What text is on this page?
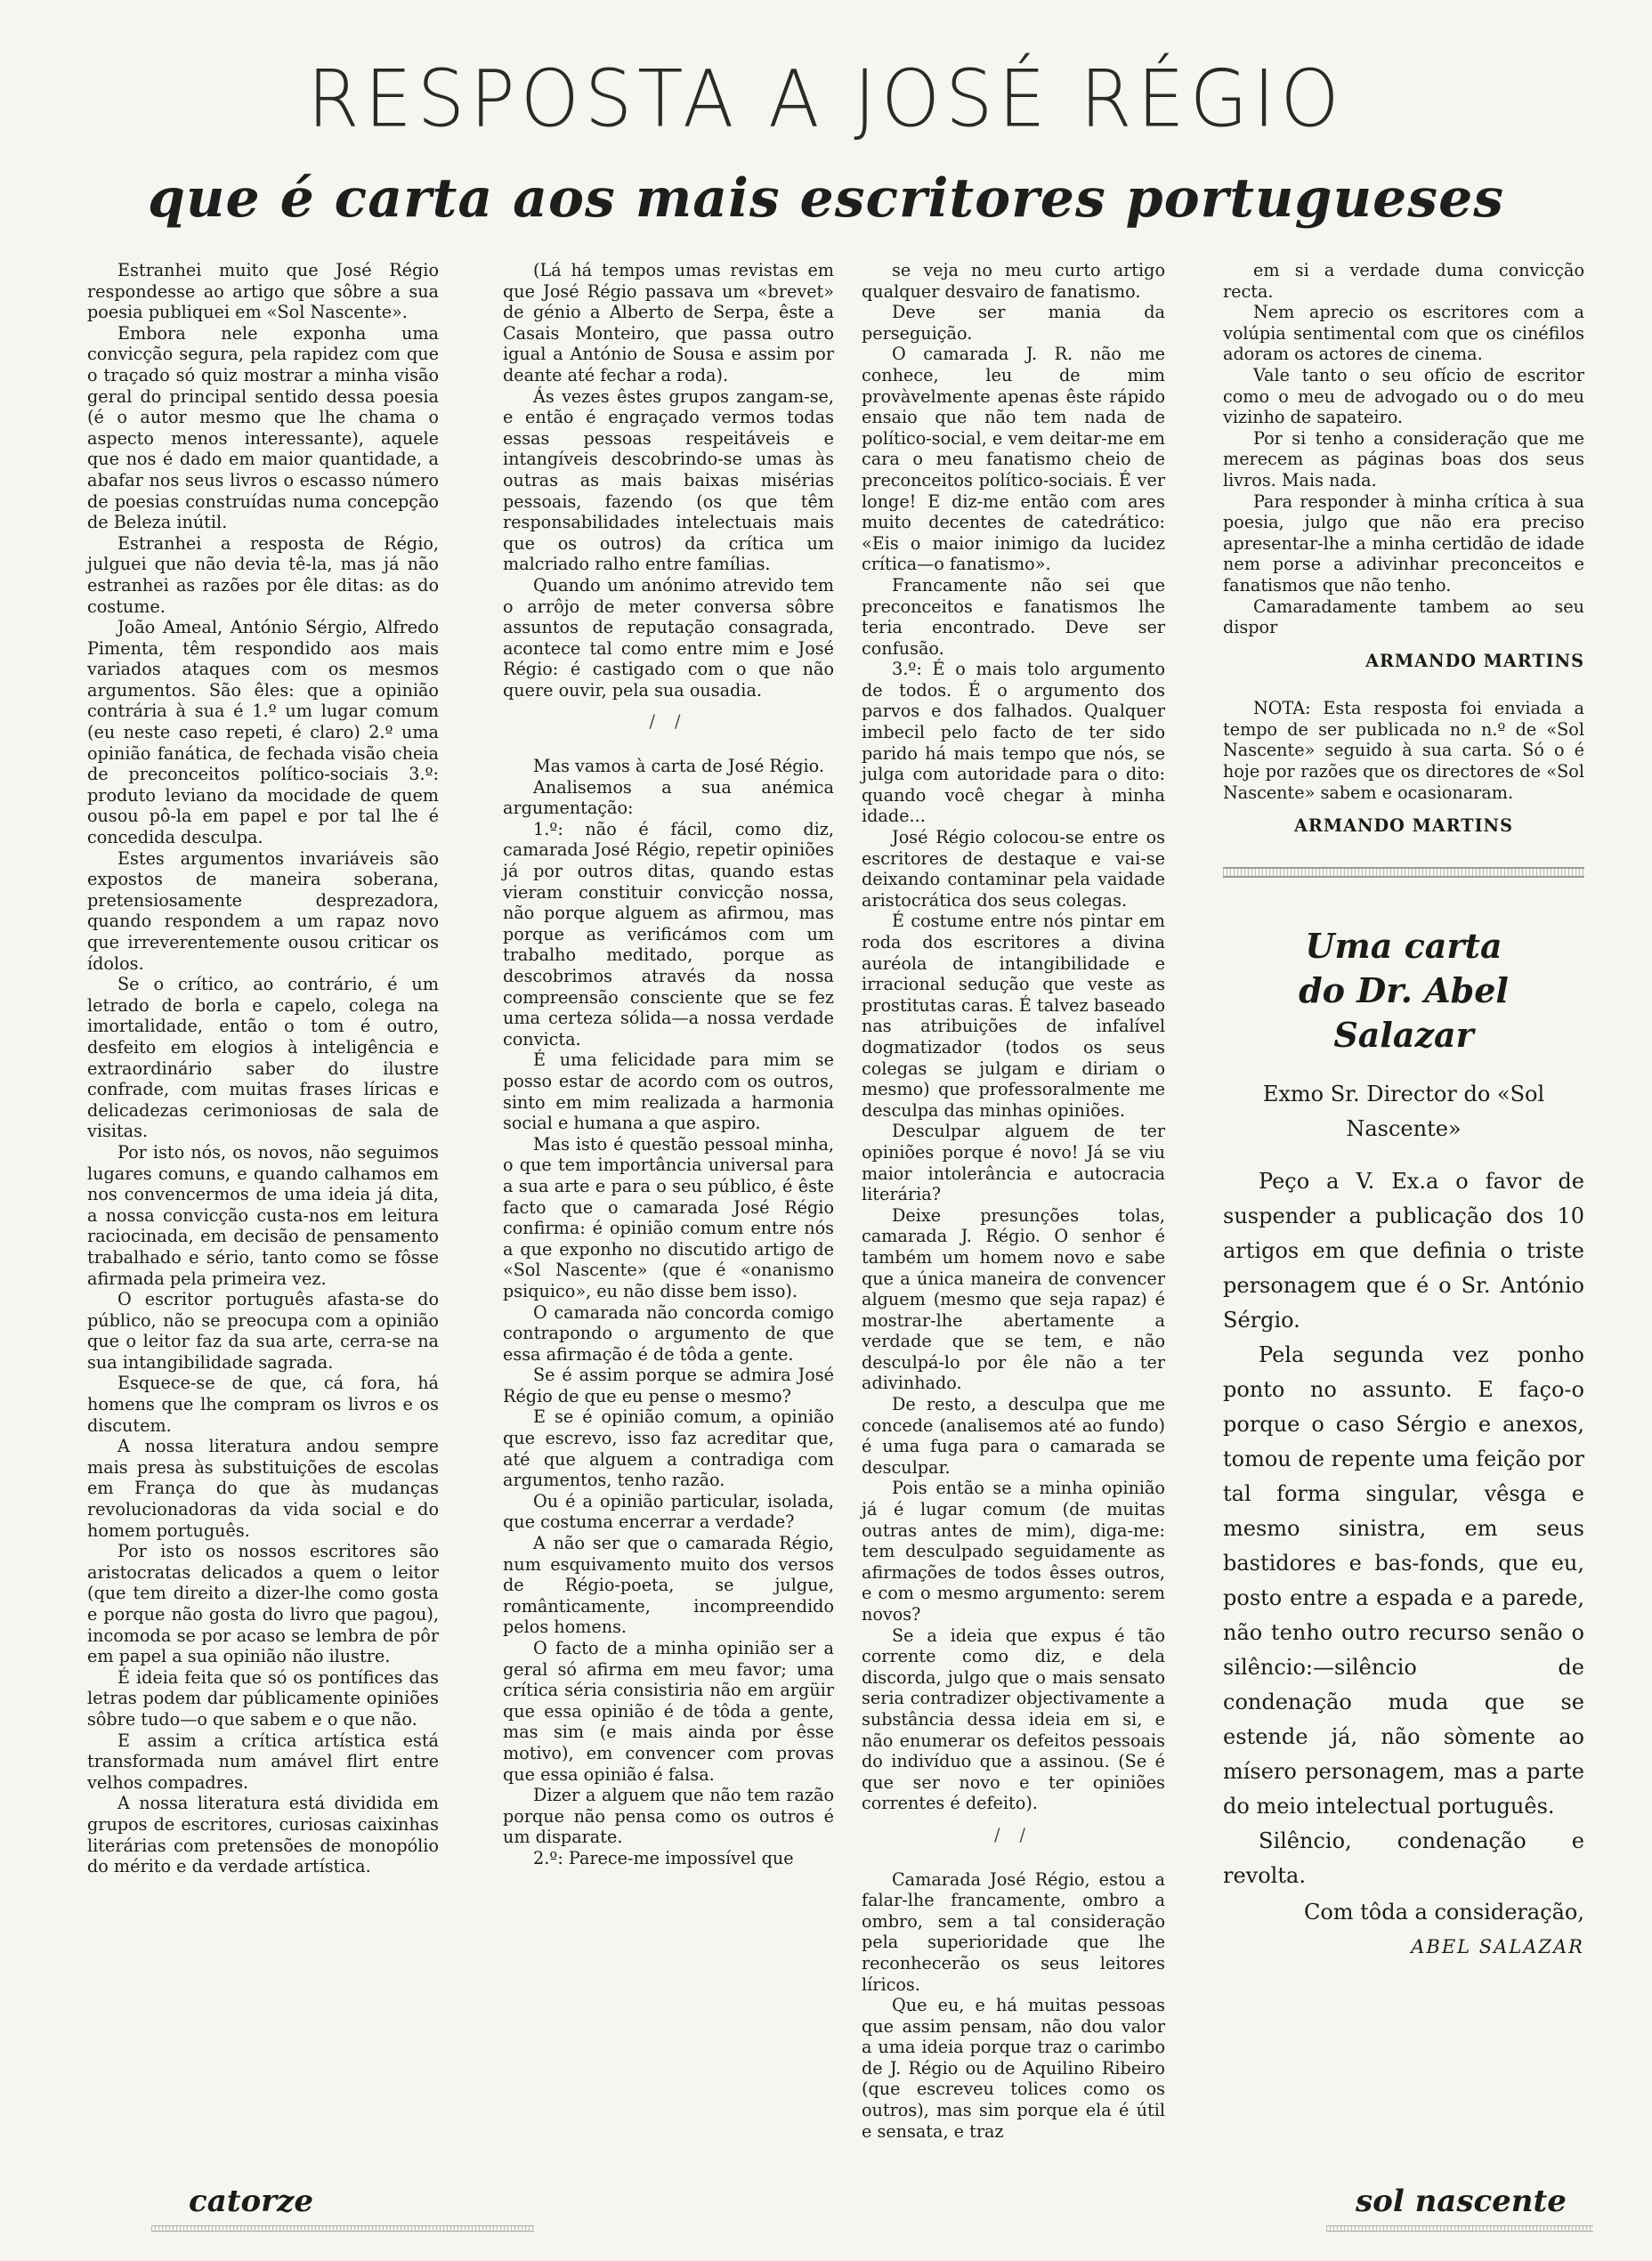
RESPOSTA A JOSÉ RÉGIO
que é carta aos mais escritores portugueses

Estranhei muito que José Régio respondesse ao artigo que sôbre a sua poesia publiquei em «Sol Nascente».

Embora nele exponha uma convicção segura, pela rapidez com que o traçado só quiz mostrar a minha visão geral do principal sentido dessa poesia (é o autor mesmo que lhe chama o aspecto menos interessante), aquele que nos é dado em maior quantidade, a abafar nos seus livros o escasso número de poesias construídas numa concepção de Beleza inútil.

Estranhei a resposta de Régio, julguei que não devia tê-la, mas já não estranhei as razões por êle ditas: as do costume.

João Ameal, António Sérgio, Alfredo Pimenta, têm respondido aos mais variados ataques com os mesmos argumentos. São êles: que a opinião contrária à sua é 1.º um lugar comum (eu neste caso repeti, é claro) 2.º uma opinião fanática, de fechada visão cheia de preconceitos político-sociais 3.º: produto leviano da mocidade de quem ousou pô-la em papel e por tal lhe é concedida desculpa.

Estes argumentos invariáveis são expostos de maneira soberana, pretensiosamente desprezadora, quando respondem a um rapaz novo que irreverentemente ousou criticar os ídolos.

Se o crítico, ao contrário, é um letrado de borla e capelo, colega na imortalidade, então o tom é outro, desfeito em elogios à inteligência e extraordinário saber do ilustre confrade, com muitas frases líricas e delicadezas cerimoniosas de sala de visitas.

Por isto nós, os novos, não seguimos lugares comuns, e quando calhamos em nos convencermos de uma ideia já dita, a nossa convicção custa-nos em leitura raciocinada, em decisão de pensamento trabalhado e sério, tanto como se fôsse afirmada pela primeira vez.

O escritor português afasta-se do público, não se preocupa com a opinião que o leitor faz da sua arte, cerra-se na sua intangibilidade sagrada.

Esquece-se de que, cá fora, há homens que lhe compram os livros e os discutem.

A nossa literatura andou sempre mais presa às substituições de escolas em França do que às mudanças revolucionadoras da vida social e do homem português.

Por isto os nossos escritores são aristocratas delicados a quem o leitor (que tem direito a dizer-lhe como gosta e porque não gosta do livro que pagou), incomoda se por acaso se lembra de pôr em papel a sua opinião não ilustre.

É ideia feita que só os pontífices das letras podem dar públicamente opiniões sôbre tudo—o que sabem e o que não.

E assim a crítica artística está transformada num amável flirt entre velhos compadres.

A nossa literatura está dividida em grupos de escritores, curiosas caixinhas literárias com pretensões de monopólio do mérito e da verdade artística.

(Lá há tempos umas revistas em que José Régio passava um «brevet» de génio a Alberto de Serpa, êste a Casais Monteiro, que passa outro igual a António de Sousa e assim por deante até fechar a roda).

Ás vezes êstes grupos zangam-se, e então é engraçado vermos todas essas pessoas respeitáveis e intangíveis descobrindo-se umas às outras as mais baixas misérias pessoais, fazendo (os que têm responsabilidades intelectuais mais que os outros) da crítica um malcriado ralho entre famílias.

Quando um anónimo atrevido tem o arrôjo de meter conversa sôbre assuntos de reputação consagrada, acontece tal como entre mim e José Régio: é castigado com o que não quere ouvir, pela sua ousadia.

/ /

Mas vamos à carta de José Régio.

Analisemos a sua anémica argumentação:

1.º: não é fácil, como diz, camarada José Régio, repetir opiniões já por outros ditas, quando estas vieram constituir convicção nossa, não porque alguem as afirmou, mas porque as verificámos com um trabalho meditado, porque as descobrimos através da nossa compreensão consciente que se fez uma certeza sólida—a nossa verdade convicta.

É uma felicidade para mim se posso estar de acordo com os outros, sinto em mim realizada a harmonia social e humana a que aspiro.

Mas isto é questão pessoal minha, o que tem importância universal para a sua arte e para o seu público, é êste facto que o camarada José Régio confirma: é opinião comum entre nós a que exponho no discutido artigo de «Sol Nascente» (que é «onanismo psiquico», eu não disse bem isso).

O camarada não concorda comigo contrapondo o argumento de que essa afirmação é de tôda a gente.

Se é assim porque se admira José Régio de que eu pense o mesmo?

E se é opinião comum, a opinião que escrevo, isso faz acreditar que, até que alguem a contradiga com argumentos, tenho razão.

Ou é a opinião particular, isolada, que costuma encerrar a verdade?

A não ser que o camarada Régio, num esquivamento muito dos versos de Régio-poeta, se julgue, românticamente, incompreendido pelos homens.

O facto de a minha opinião ser a geral só afirma em meu favor; uma crítica séria consistiria não em argüir que essa opinião é de tôda a gente, mas sim (e mais ainda por êsse motivo), em convencer com provas que essa opinião é falsa.

Dizer a alguem que não tem razão porque não pensa como os outros é um disparate.

2.º: Parece-me impossível que

se veja no meu curto artigo qualquer desvairo de fanatismo.

Deve ser mania da perseguição.

O camarada J. R. não me conhece, leu de mim provàvelmente apenas êste rápido ensaio que não tem nada de político-social, e vem deitar-me em cara o meu fanatismo cheio de preconceitos político-sociais. É ver longe! E diz-me então com ares muito decentes de catedrático: «Eis o maior inimigo da lucidez crítica—o fanatismo».

Francamente não sei que preconceitos e fanatismos lhe teria encontrado. Deve ser confusão.

3.º: É o mais tolo argumento de todos. É o argumento dos parvos e dos falhados. Qualquer imbecil pelo facto de ter sido parido há mais tempo que nós, se julga com autoridade para o dito: quando você chegar à minha idade...

José Régio colocou-se entre os escritores de destaque e vai-se deixando contaminar pela vaidade aristocrática dos seus colegas.

É costume entre nós pintar em roda dos escritores a divina auréola de intangibilidade e irracional sedução que veste as prostitutas caras. É talvez baseado nas atribuições de infalível dogmatizador (todos os seus colegas se julgam e diriam o mesmo) que professoralmente me desculpa das minhas opiniões.

Desculpar alguem de ter opiniões porque é novo! Já se viu maior intolerância e autocracia literária?

Deixe presunções tolas, camarada J. Régio. O senhor é também um homem novo e sabe que a única maneira de convencer alguem (mesmo que seja rapaz) é mostrar-lhe abertamente a verdade que se tem, e não desculpá-lo por êle não a ter adivinhado.

De resto, a desculpa que me concede (analisemos até ao fundo) é uma fuga para o camarada se desculpar.

Pois então se a minha opinião já é lugar comum (de muitas outras antes de mim), diga-me: tem desculpado seguidamente as afirmações de todos êsses outros, e com o mesmo argumento: serem novos?

Se a ideia que expus é tão corrente como diz, e dela discorda, julgo que o mais sensato seria contradizer objectivamente a substância dessa ideia em si, e não enumerar os defeitos pessoais do indivíduo que a assinou. (Se é que ser novo e ter opiniões correntes é defeito).

/ /

Camarada José Régio, estou a falar-lhe francamente, ombro a ombro, sem a tal consideração pela superioridade que lhe reconhecerão os seus leitores líricos.

Que eu, e há muitas pessoas que assim pensam, não dou valor a uma ideia porque traz o carimbo de J. Régio ou de Aquilino Ribeiro (que escreveu tolices como os outros), mas sim porque ela é útil e sensata, e traz

em si a verdade duma convicção recta.

Nem aprecio os escritores com a volúpia sentimental com que os cinéfilos adoram os actores de cinema.

Vale tanto o seu ofício de escritor como o meu de advogado ou o do meu vizinho de sapateiro.

Por si tenho a consideração que me merecem as páginas boas dos seus livros. Mais nada.

Para responder à minha crítica à sua poesia, julgo que não era preciso apresentar-lhe a minha certidão de idade nem porse a adivinhar preconceitos e fanatismos que não tenho.

Camaradamente tambem ao seu dispor

ARMANDO MARTINS

NOTA: Esta resposta foi enviada a tempo de ser publicada no n.º de «Sol Nascente» seguido à sua carta. Só o é hoje por razões que os directores de «Sol Nascente» sabem e ocasionaram.

ARMANDO MARTINS

Uma carta
do Dr. Abel Salazar

Exmo Sr. Director do «Sol Nascente»

Peço a V. Ex.a o favor de suspender a publicação dos 10 artigos em que definia o triste personagem que é o Sr. António Sérgio.

Pela segunda vez ponho ponto no assunto. E faço-o porque o caso Sérgio e anexos, tomou de repente uma feição por tal forma singular, vêsga e mesmo sinistra, em seus bastidores e bas-fonds, que eu, posto entre a espada e a parede, não tenho outro recurso senão o silêncio:—silêncio de condenação muda que se estende já, não sòmente ao mísero personagem, mas a parte do meio intelectual português.

Silêncio, condenação e revolta.

Com tôda a consideração,

ABEL SALAZAR

catorze	sol nascente
